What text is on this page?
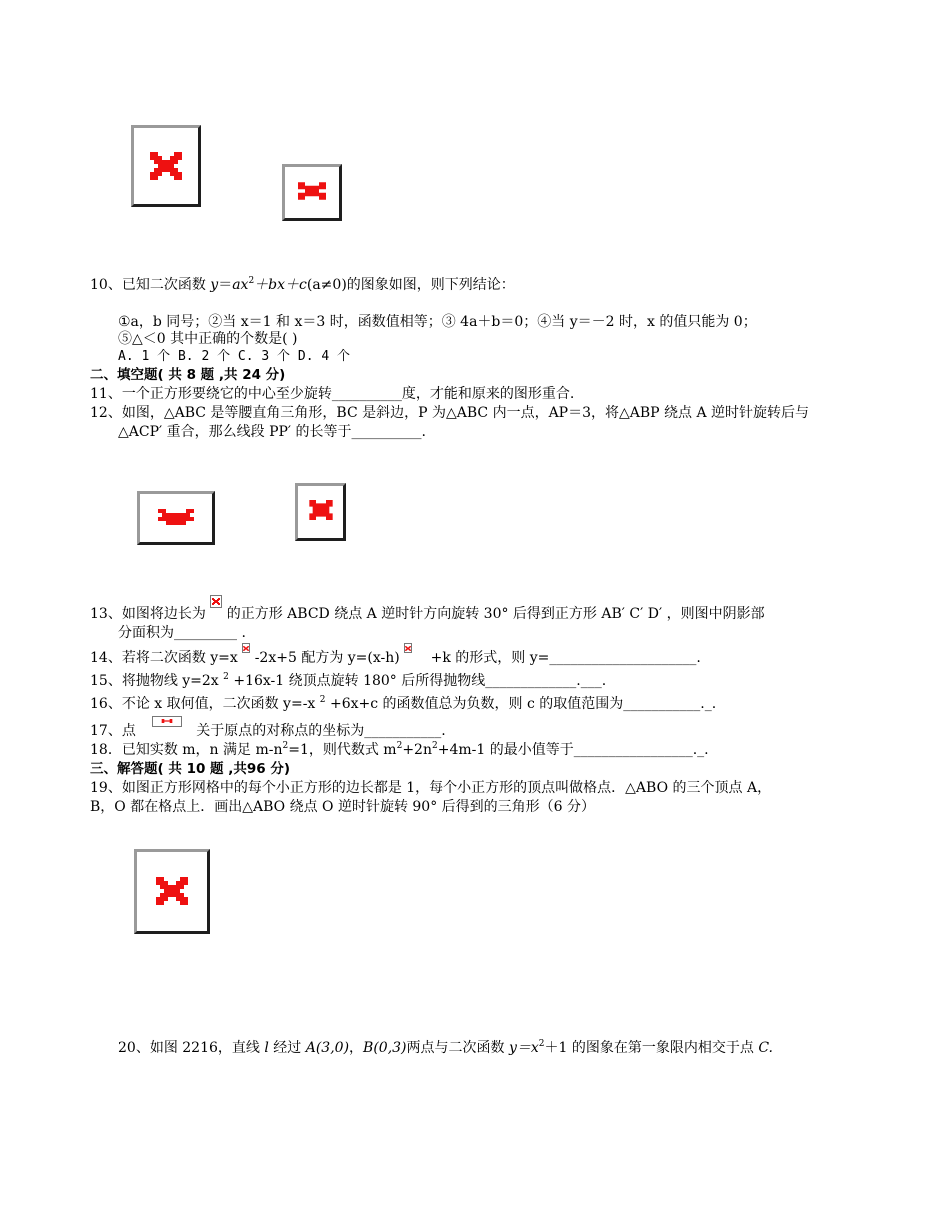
10、已知二次函数 $y=ax^2+bx+c(a\ne 0)$的图象如图，则下列结论：
①a，b 同号；②当 x＝1 和 x＝3 时，函数值相等；③ 4a＋b＝0；④当 y＝－2 时，x 的值只能为 0；
⑤△＜0 其中正确的个数是( )
A. 1 个 B. 2 个 C. 3 个 D. 4 个
二、填空题( 共 8 题 ,共 24 分)
11、一个正方形要绕它的中心至少旋转__________度，才能和原来的图形重合.
12、如图，△ABC 是等腰直角三角形，BC 是斜边，P 为△ABC 内一点，AP＝3，将△ABP 绕点 A 逆时针旋转后与
△ACP′ 重合，那么线段 PP′ 的长等于__________.
13、如图将边长为
的正方形 ABCD 绕点 A 逆时针方向旋转 30° 后得到正方形 AB′ C′ D′ ，则图中阴影部
分面积为_________ .
14、若将二次函数 y=x
-2x+5 配方为 y=(x-h)
+k 的形式，则 y=_____________________.
15、将抛物线 y=2x $^2$ +16x-1 绕顶点旋转 180° 后所得抛物线_____________.___.
16、不论 x 取何值，二次函数 y=-x $^2$ +6x+c 的函数值总为负数，则 c 的取值范围为___________._.
17、点	关于原点的对称点的坐标为___________.
18．已知实数 m，n 满足 $m-n^2=1$，则代数式 $m^2+2n^2+4m-1$ 的最小值等于_________________._.
三、解答题( 共 10 题 ,共96 分)
19、如图正方形网格中的每个小正方形的边长都是 1，每个小正方形的顶点叫做格点．△ABO 的三个顶点 A，
B，O 都在格点上．画出△ABO 绕点 O 逆时针旋转 90° 后得到的三角形（6 分）
20、如图 2216，直线 l 经过 A(3,0)，B(0,3)两点与二次函数 $y=x^2+1$ 的图象在第一象限内相交于点 C.
